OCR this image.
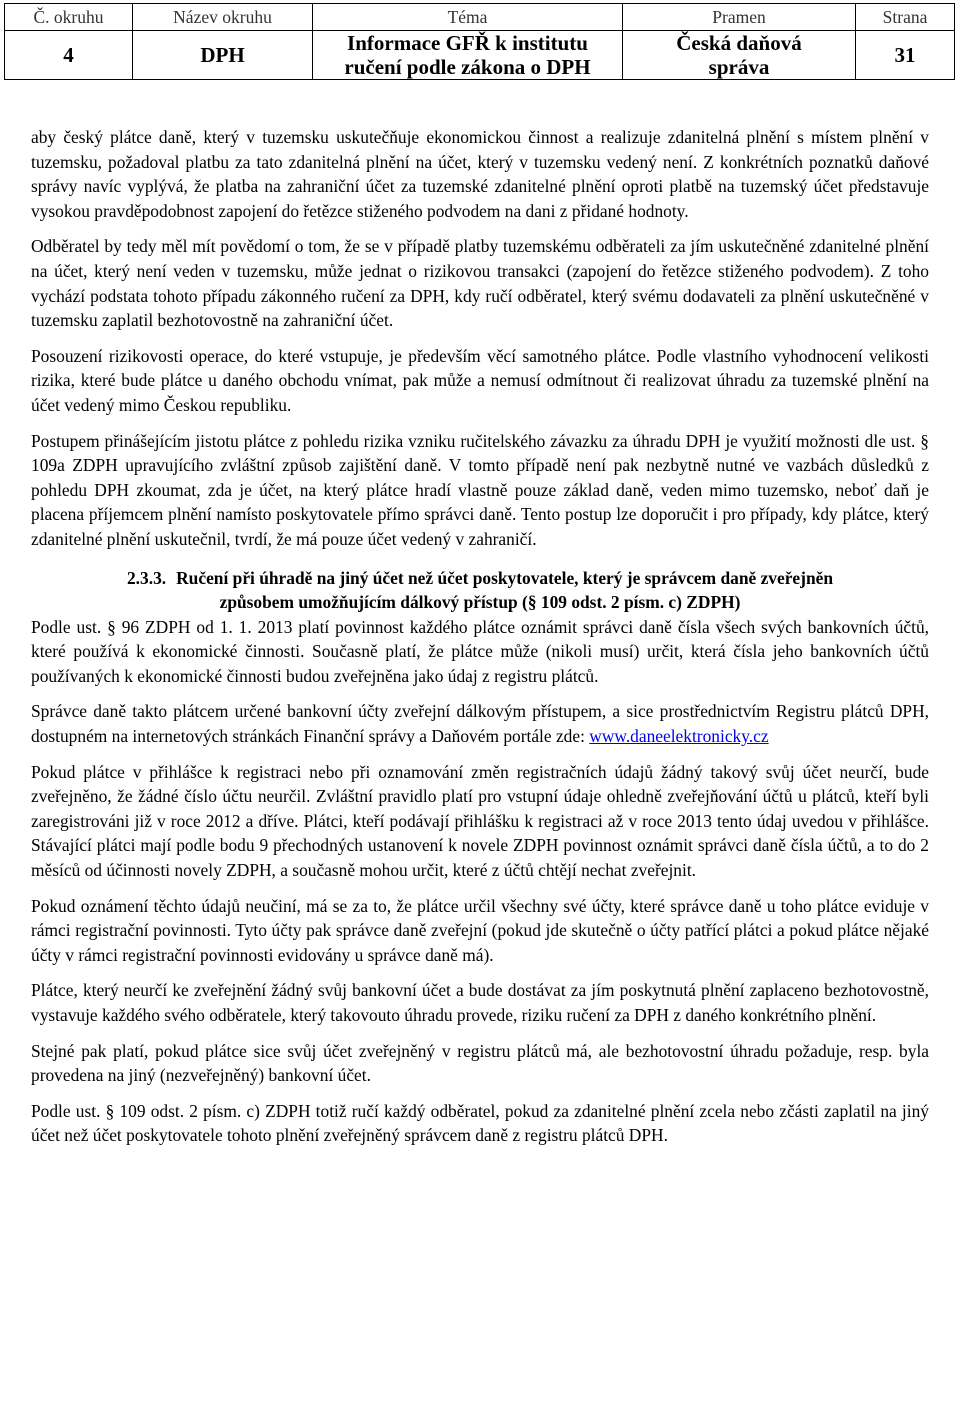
Č. okruhu	Název okruhu	Téma	Pramen	Strana
4	DPH	Informace GFŘ k institutu ručení podle zákona o DPH	Česká daňová správa	31

aby český plátce daně, který v tuzemsku uskutečňuje ekonomickou činnost a realizuje zdanitelná plnění s místem plnění v tuzemsku, požadoval platbu za tato zdanitelná plnění na účet, který v tuzemsku vedený není. Z konkrétních poznatků daňové správy navíc vyplývá, že platba na zahraniční účet za tuzemské zdanitelné plnění oproti platbě na tuzemský účet představuje vysokou pravděpodobnost zapojení do řetězce stiženého podvodem na dani z přidané hodnoty.

Odběratel by tedy měl mít povědomí o tom, že se v případě platby tuzemskému odběrateli za jím uskutečněné zdanitelné plnění na účet, který není veden v tuzemsku, může jednat o rizikovou transakci (zapojení do řetězce stiženého podvodem). Z toho vychází podstata tohoto případu zákonného ručení za DPH, kdy ručí odběratel, který svému dodavateli za plnění uskutečněné v tuzemsku zaplatil bezhotovostně na zahraniční účet.

Posouzení rizikovosti operace, do které vstupuje, je především věcí samotného plátce. Podle vlastního vyhodnocení velikosti rizika, které bude plátce u daného obchodu vnímat, pak může a nemusí odmítnout či realizovat úhradu za tuzemské plnění na účet vedený mimo Českou republiku.

Postupem přinášejícím jistotu plátce z pohledu rizika vzniku ručitelského závazku za úhradu DPH je využití možnosti dle ust. § 109a ZDPH upravujícího zvláštní způsob zajištění daně. V tomto případě není pak nezbytně nutné ve vazbách důsledků z pohledu DPH zkoumat, zda je účet, na který plátce hradí vlastně pouze základ daně, veden mimo tuzemsko, neboť daň je placena příjemcem plnění namísto poskytovatele přímo správci daně. Tento postup lze doporučit i pro případy, kdy plátce, který zdanitelné plnění uskutečnil, tvrdí, že má pouze účet vedený v zahraničí.

2.3.3. Ručení při úhradě na jiný účet než účet poskytovatele, který je správcem daně zveřejněn
způsobem umožňujícím dálkový přístup (§ 109 odst. 2 písm. c) ZDPH)

Podle ust. § 96 ZDPH od 1. 1. 2013 platí povinnost každého plátce oznámit správci daně čísla všech svých bankovních účtů, které používá k ekonomické činnosti. Současně platí, že plátce může (nikoli musí) určit, která čísla jeho bankovních účtů používaných k ekonomické činnosti budou zveřejněna jako údaj z registru plátců.

Správce daně takto plátcem určené bankovní účty zveřejní dálkovým přístupem, a sice prostřednictvím Registru plátců DPH, dostupném na internetových stránkách Finanční správy a Daňovém portále zde: www.daneelektronicky.cz

Pokud plátce v přihlášce k registraci nebo při oznamování změn registračních údajů žádný takový svůj účet neurčí, bude zveřejněno, že žádné číslo účtu neurčil. Zvláštní pravidlo platí pro vstupní údaje ohledně zveřejňování účtů u plátců, kteří byli zaregistrováni již v roce 2012 a dříve. Plátci, kteří podávají přihlášku k registraci až v roce 2013 tento údaj uvedou v přihlášce. Stávající plátci mají podle bodu 9 přechodných ustanovení k novele ZDPH povinnost oznámit správci daně čísla účtů, a to do 2 měsíců od účinnosti novely ZDPH, a současně mohou určit, které z účtů chtějí nechat zveřejnit.

Pokud oznámení těchto údajů neučiní, má se za to, že plátce určil všechny své účty, které správce daně u toho plátce eviduje v rámci registrační povinnosti. Tyto účty pak správce daně zveřejní (pokud jde skutečně o účty patřící plátci a pokud plátce nějaké účty v rámci registrační povinnosti evidovány u správce daně má).

Plátce, který neurčí ke zveřejnění žádný svůj bankovní účet a bude dostávat za jím poskytnutá plnění zaplaceno bezhotovostně, vystavuje každého svého odběratele, který takovouto úhradu provede, riziku ručení za DPH z daného konkrétního plnění.

Stejné pak platí, pokud plátce sice svůj účet zveřejněný v registru plátců má, ale bezhotovostní úhradu požaduje, resp. byla provedena na jiný (nezveřejněný) bankovní účet.

Podle ust. § 109 odst. 2 písm. c) ZDPH totiž ručí každý odběratel, pokud za zdanitelné plnění zcela nebo zčásti zaplatil na jiný účet než účet poskytovatele tohoto plnění zveřejněný správcem daně z registru plátců DPH.
